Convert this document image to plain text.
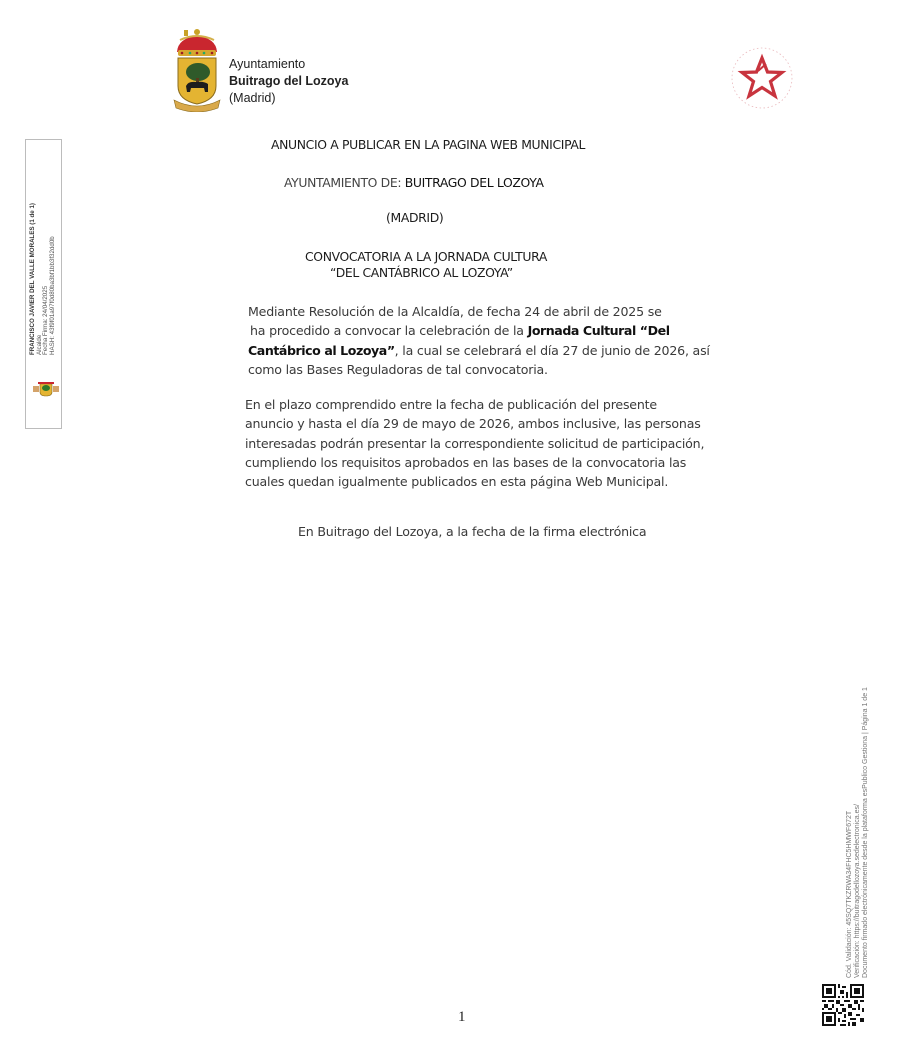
Ayuntamiento
Buitrago del Lozoya
(Madrid)
FRANCISCO JAVIER DEL VALLE MORALES (1 de 1) Alcalde Fecha Firma: 24/04/2025 HASH: 43f9f01a97f0d80ba3bf1bb3f32dd0b
ANUNCIO A PUBLICAR EN LA PAGINA WEB MUNICIPAL
AYUNTAMIENTO DE: BUITRAGO DEL LOZOYA
(MADRID)
CONVOCATORIA A LA JORNADA CULTURA
“DEL CANTÁBRICO AL LOZOYA”
Mediante Resolución de la Alcaldía, de fecha 24 de abril de 2025 se
ha procedido a convocar la celebración de la Jornada Cultural “Del
Cantábrico al Lozoya”, la cual se celebrará el día 27 de junio de 2026, así
como las Bases Reguladoras de tal convocatoria.
En el plazo comprendido entre la fecha de publicación del presente
anuncio y hasta el día 29 de mayo de 2026, ambos inclusive, las personas
interesadas podrán presentar la correspondiente solicitud de participación,
cumpliendo los requisitos aprobados en las bases de la convocatoria las
cuales quedan igualmente publicados en esta página Web Municipal.
En Buitrago del Lozoya, a la fecha de la firma electrónica
Cód. Validación: 45SQ7TKZRWA34FHC5HMWF672T Verificación: https://buitragodellozoya.sedelectronica.es/ Documento firmado electrónicamente desde la plataforma esPublico Gestiona | Página 1 de 1
1
